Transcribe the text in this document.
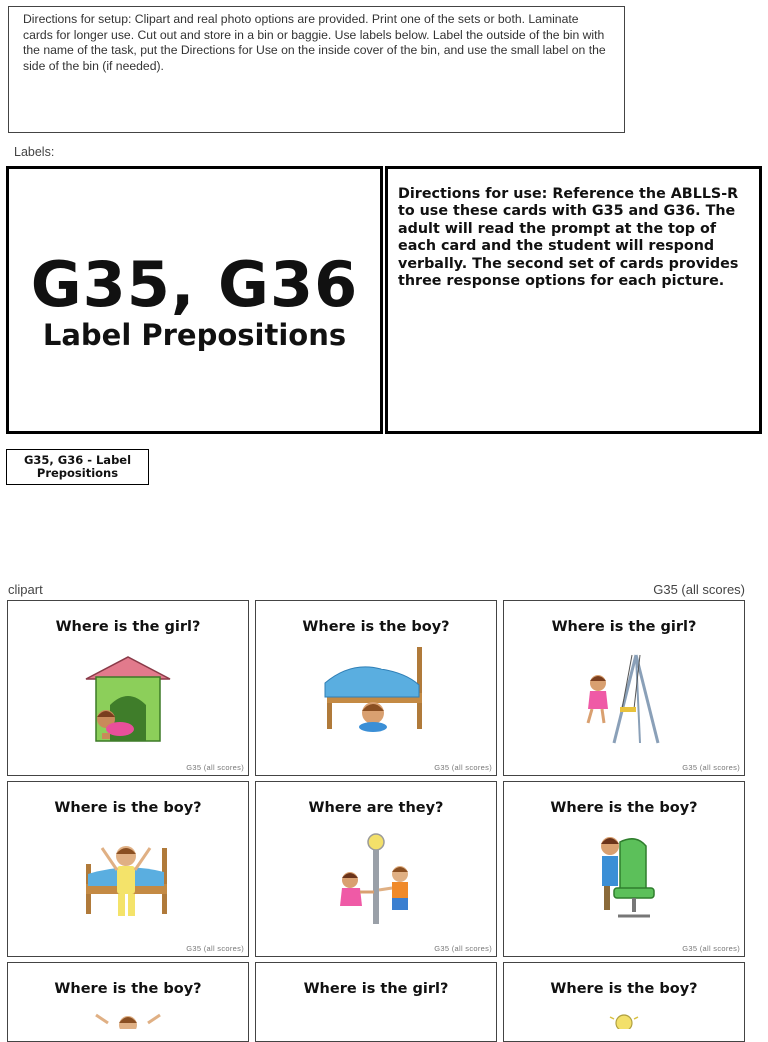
Directions for setup: Clipart and real photo options are provided. Print one of the sets or both. Laminate cards for longer use. Cut out and store in a bin or baggie. Use labels below. Label the outside of the bin with the name of the task, put the Directions for Use on the inside cover of the bin, and use the small label on the side of the bin (if needed).
Labels:
G35, G36
Label Prepositions
Directions for use: Reference the ABLLS-R to use these cards with G35 and G36. The adult will read the prompt at the top of each card and the student will respond verbally. The second set of cards provides three response options for each picture.
G35, G36 - Label
Prepositions
clipart	G35 (all scores)
Where is the girl?
G35 (all scores)
Where is the boy?
G35 (all scores)
Where is the girl?
G35 (all scores)
Where is the boy?
G35 (all scores)
Where are they?
G35 (all scores)
Where is the boy?
G35 (all scores)
Where is the boy?	Where is the girl?	Where is the boy?
